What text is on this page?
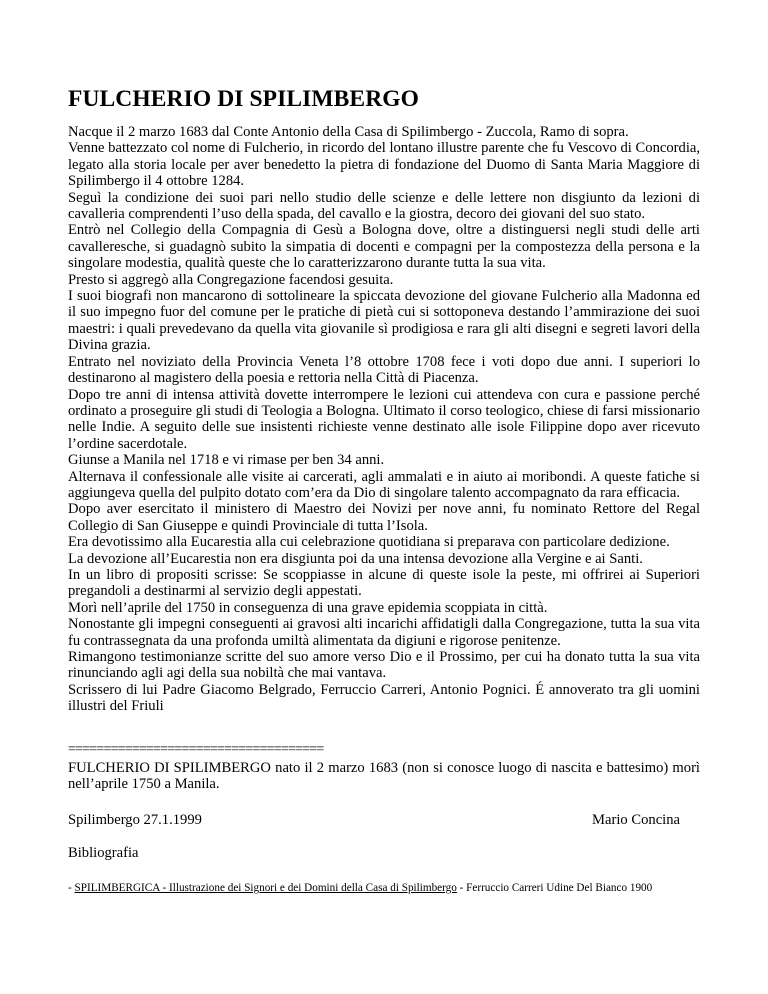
FULCHERIO DI SPILIMBERGO

Nacque il 2 marzo 1683 dal Conte Antonio della Casa di Spilimbergo - Zuccola, Ramo di sopra.

Venne battezzato col nome di Fulcherio, in ricordo del lontano illustre parente che fu Vescovo di Concordia, legato alla storia locale per aver benedetto la pietra di fondazione del Duomo di Santa Maria Maggiore di Spilimbergo il 4 ottobre 1284.

Seguì la condizione dei suoi pari nello studio delle scienze e delle lettere non disgiunto da lezioni di cavalleria comprendenti l’uso della spada, del cavallo e la giostra, decoro dei giovani del suo stato.

Entrò nel Collegio della Compagnia di Gesù a Bologna dove, oltre a distinguersi negli studi delle arti cavalleresche, si guadagnò subito la simpatia di docenti e compagni per la compostezza della persona e la singolare modestia, qualità queste che lo caratterizzarono durante tutta la sua vita.

Presto si aggregò alla Congregazione facendosi gesuita.

I suoi biografi non mancarono di sottolineare la spiccata devozione del giovane Fulcherio alla Madonna ed il suo impegno fuor del comune per le pratiche di pietà cui si sottoponeva destando l’ammirazione dei suoi maestri: i quali prevedevano da quella vita giovanile sì prodigiosa e rara gli alti disegni e segreti lavori della Divina grazia.

Entrato nel noviziato della Provincia Veneta l’8 ottobre 1708 fece i voti dopo due anni. I superiori lo destinarono al magistero della poesia e rettoria nella Città di Piacenza.

Dopo tre anni di intensa attività dovette interrompere le lezioni cui attendeva con cura e passione perché ordinato a proseguire gli studi di Teologia a Bologna. Ultimato il corso teologico, chiese di farsi missionario nelle Indie. A seguito delle sue insistenti richieste venne destinato alle isole Filippine dopo aver ricevuto l’ordine sacerdotale.

Giunse a Manila nel 1718 e vi rimase per ben 34 anni.

Alternava il confessionale alle visite ai carcerati, agli ammalati e in aiuto ai moribondi. A queste fatiche si aggiungeva quella del pulpito dotato com’era da Dio di singolare talento accompagnato da rara efficacia.

Dopo aver esercitato il ministero di Maestro dei Novizi per nove anni, fu nominato Rettore del Regal Collegio di San Giuseppe e quindi Provinciale di tutta l’Isola.

Era devotissimo alla Eucarestia alla cui celebrazione quotidiana si preparava con particolare dedizione.

La devozione all’Eucarestia non era disgiunta poi da una intensa devozione alla Vergine e ai Santi.

In un libro di propositi scrisse: Se scoppiasse in alcune di queste isole la peste, mi offrirei ai Superiori pregandoli a destinarmi al servizio degli appestati.

Morì nell’aprile del 1750 in conseguenza di una grave epidemia scoppiata in città.

Nonostante gli impegni conseguenti ai gravosi alti incarichi affidatigli dalla Congregazione, tutta la sua vita fu contrassegnata da una profonda umiltà alimentata da digiuni e rigorose penitenze.

Rimangono testimonianze scritte del suo amore verso Dio e il Prossimo, per cui ha donato tutta la sua vita rinunciando agli agi della sua nobiltà che mai vantava.

Scrissero di lui Padre Giacomo Belgrado, Ferruccio Carreri, Antonio Pognici. É annoverato tra gli uomini illustri del Friuli

====================================

FULCHERIO DI SPILIMBERGO nato il 2 marzo 1683 (non si conosce luogo di nascita e battesimo) morì nell’aprile 1750 a Manila.

Spilimbergo 27.1.1999	Mario Concina
Bibliografia
- SPILIMBERGICA - Illustrazione dei Signori e dei Domini della Casa di Spilimbergo - Ferruccio Carreri Udine Del Bianco 1900
